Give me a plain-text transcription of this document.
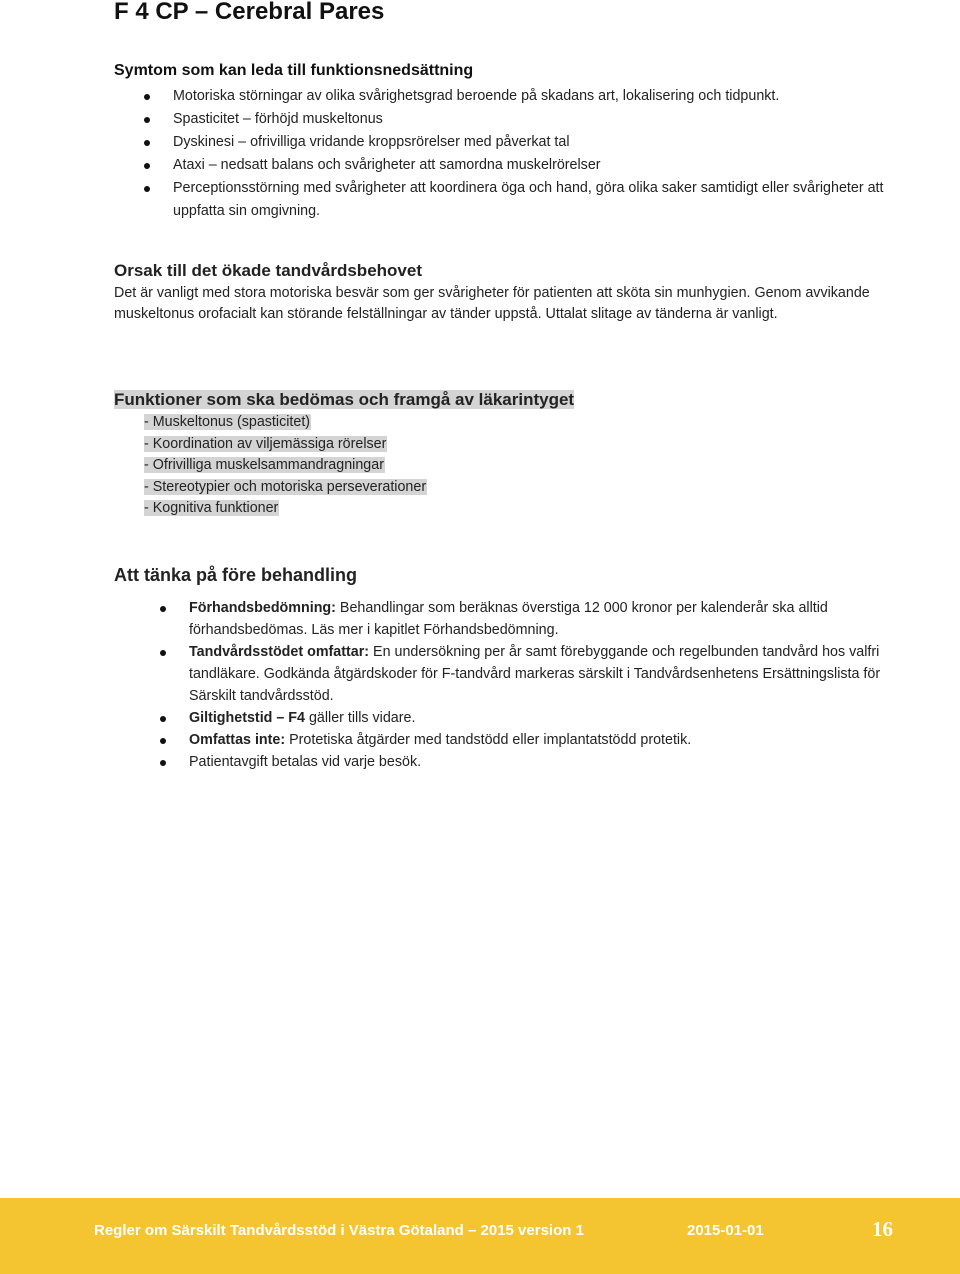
F 4 CP – Cerebral Pares
Symtom som kan leda till funktionsnedsättning
Motoriska störningar av olika svårighetsgrad beroende på skadans art, lokalisering och tidpunkt.
Spasticitet – förhöjd muskeltonus
Dyskinesi – ofrivilliga vridande kroppsrörelser med påverkat tal
Ataxi – nedsatt balans och svårigheter att samordna muskelrörelser
Perceptionsstörning med svårigheter att koordinera öga och hand, göra olika saker samtidigt eller svårigheter att uppfatta sin omgivning.
Orsak till det ökade tandvårdsbehovet

Det är vanligt med stora motoriska besvär som ger svårigheter för patienten att sköta sin munhygien. Genom avvikande muskeltonus orofacialt kan störande felställningar av tänder uppstå. Uttalat slitage av tänderna är vanligt.

Funktioner som ska bedömas och framgå av läkarintyget
- Muskeltonus (spasticitet)
- Koordination av viljemässiga rörelser
- Ofrivilliga muskelsammandragningar
- Stereotypier och motoriska perseverationer
- Kognitiva funktioner
Att tänka på före behandling
Förhandsbedömning: Behandlingar som beräknas överstiga 12 000 kronor per kalenderår ska alltid förhandsbedömas. Läs mer i kapitlet Förhandsbedömning.
Tandvårdsstödet omfattar: En undersökning per år samt förebyggande och regelbunden tandvård hos valfri tandläkare. Godkända åtgärdskoder för F-tandvård markeras särskilt i Tandvårdsenhetens Ersättningslista för Särskilt tandvårdsstöd.
Giltighetstid – F4 gäller tills vidare.
Omfattas inte: Protetiska åtgärder med tandstödd eller implantatstödd protetik.
Patientavgift betalas vid varje besök.
Regler om Särskilt Tandvårdsstöd i Västra Götaland – 2015 version 1	2015-01-01	16
